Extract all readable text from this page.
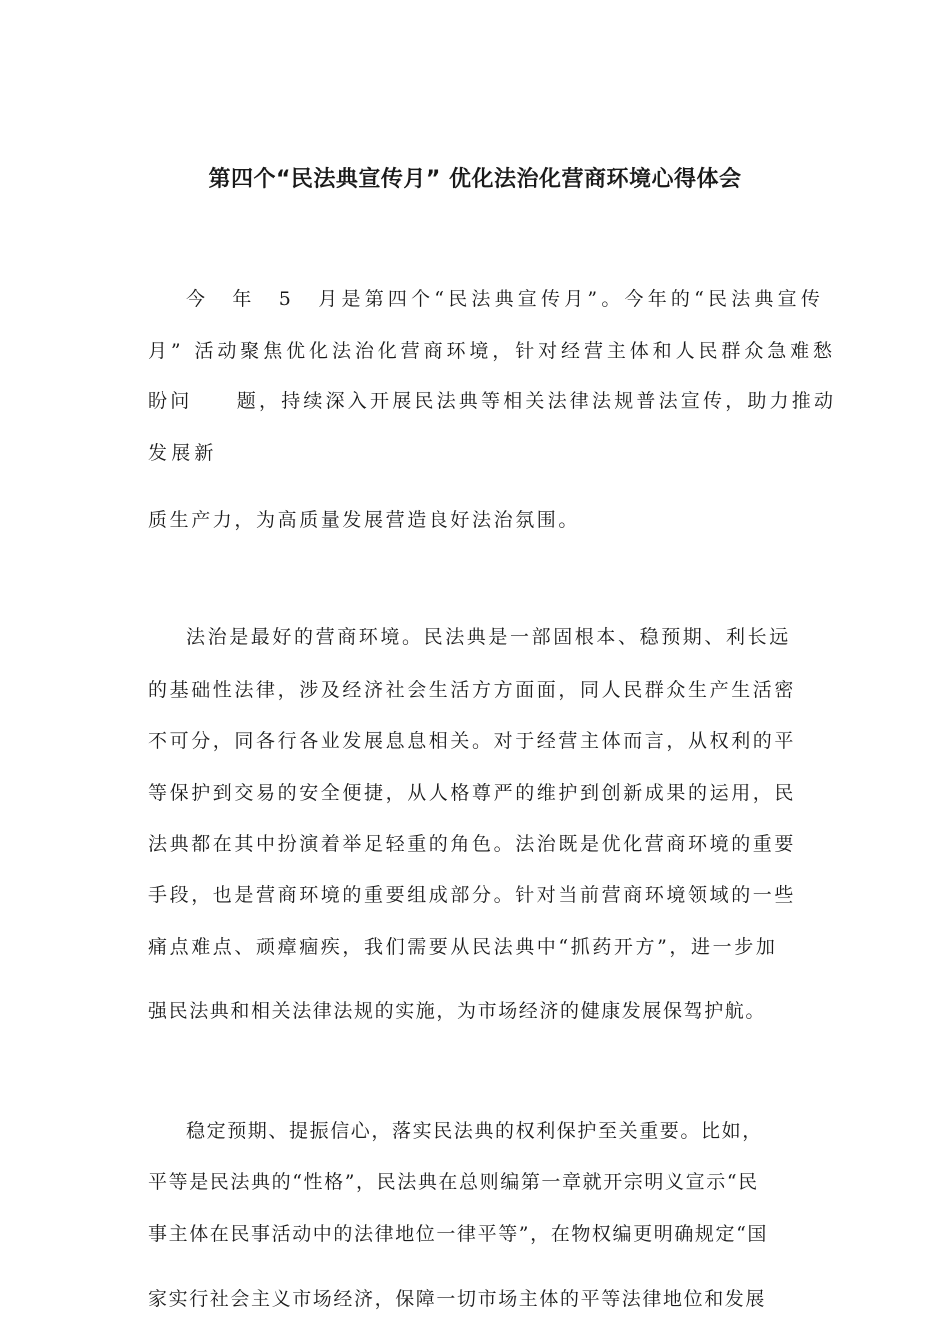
第四个“民法典宣传月” 优化法治化营商环境心得体会
今　年　5　月是第四个“民法典宣传月”。今年的“民法典宣传
月” 活动聚焦优化法治化营商环境，针对经营主体和人民群众急难愁
盼问　　题，持续深入开展民法典等相关法律法规普法宣传，助力推动
发展新
质生产力，为高质量发展营造良好法治氛围。
法治是最好的营商环境。民法典是一部固根本、稳预期、利长远
的基础性法律，涉及经济社会生活方方面面，同人民群众生产生活密
不可分，同各行各业发展息息相关。对于经营主体而言，从权利的平
等保护到交易的安全便捷，从人格尊严的维护到创新成果的运用，民
法典都在其中扮演着举足轻重的角色。法治既是优化营商环境的重要
手段，也是营商环境的重要组成部分。针对当前营商环境领域的一些
痛点难点、顽瘴痼疾，我们需要从民法典中“抓药开方”，进一步加
强民法典和相关法律法规的实施，为市场经济的健康发展保驾护航。
稳定预期、提振信心，落实民法典的权利保护至关重要。比如，
平等是民法典的“性格”，民法典在总则编第一章就开宗明义宣示“民
事主体在民事活动中的法律地位一律平等”，在物权编更明确规定“国
家实行社会主义市场经济，保障一切市场主体的平等法律地位和发展
